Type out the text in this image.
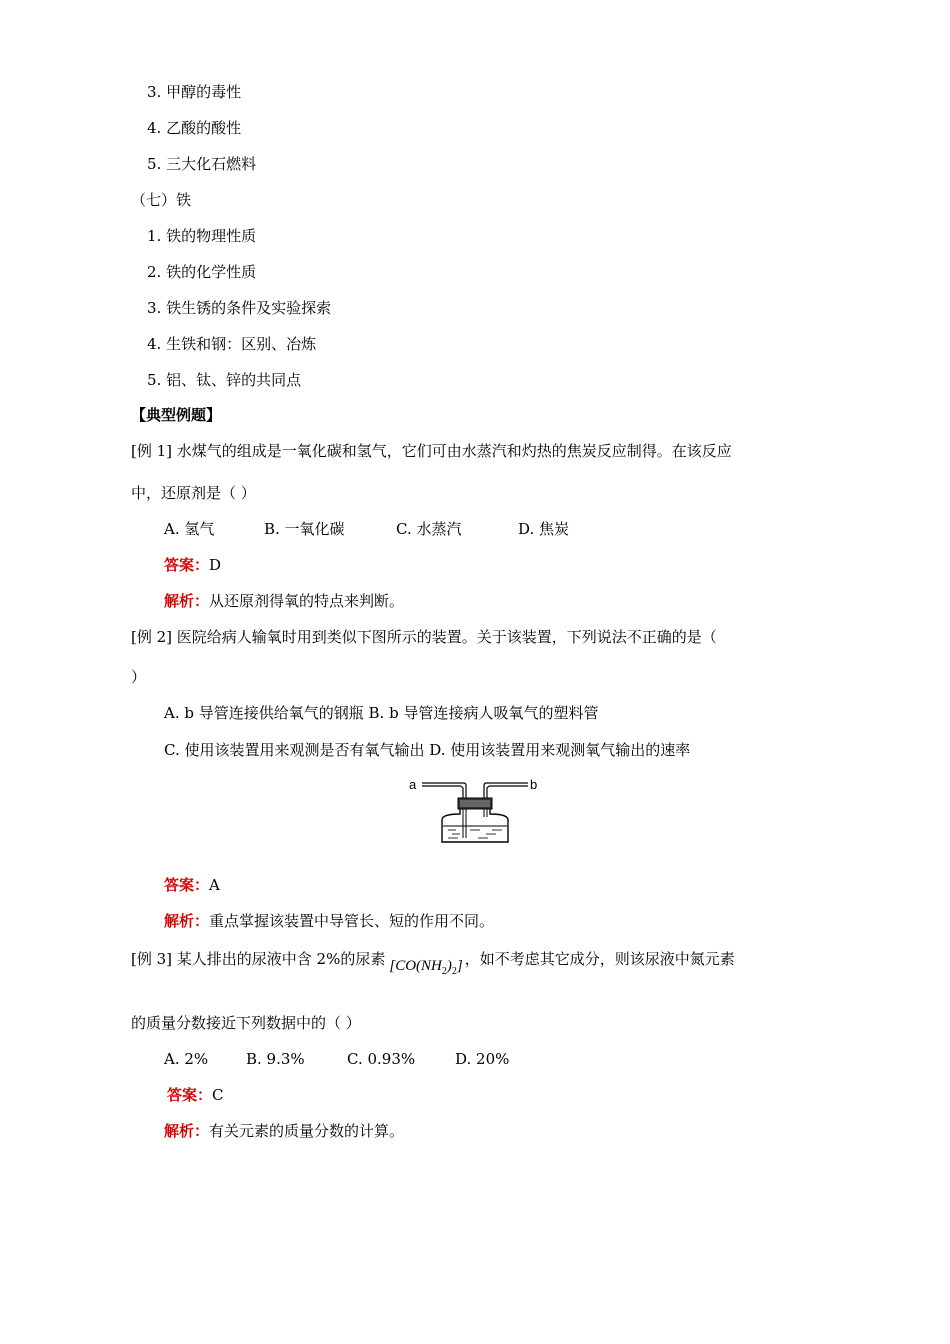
3. 甲醇的毒性
4. 乙酸的酸性
5. 三大化石燃料
（七）铁
1. 铁的物理性质
2. 铁的化学性质
3. 铁生锈的条件及实验探索
4. 生铁和钢：区别、冶炼
5. 铝、钛、锌的共同点
【典型例题】
[例 1] 水煤气的组成是一氧化碳和氢气，它们可由水蒸汽和灼热的焦炭反应制得。在该反应
中，还原剂是（ ）
A. 氢气	B. 一氧化碳	C. 水蒸汽	D. 焦炭
答案：D
解析：从还原剂得氧的特点来判断。
[例 2] 医院给病人输氧时用到类似下图所示的装置。关于该装置，下列说法不正确的是（
）
A. b 导管连接供给氧气的钢瓶 B. b 导管连接病人吸氧气的塑料管
C. 使用该装置用来观测是否有氧气输出 D. 使用该装置用来观测氧气输出的速率
a	b
答案：A
解析：重点掌握该装置中导管长、短的作用不同。
[例 3] 某人排出的尿液中含 2%的尿素 $[CO(NH_2)_2]$ ，如不考虑其它成分，则该尿液中氮元素
的质量分数接近下列数据中的（ ）
A. 2%	B. 9.3%	C. 0.93%	D. 20%
答案：C
解析：有关元素的质量分数的计算。
